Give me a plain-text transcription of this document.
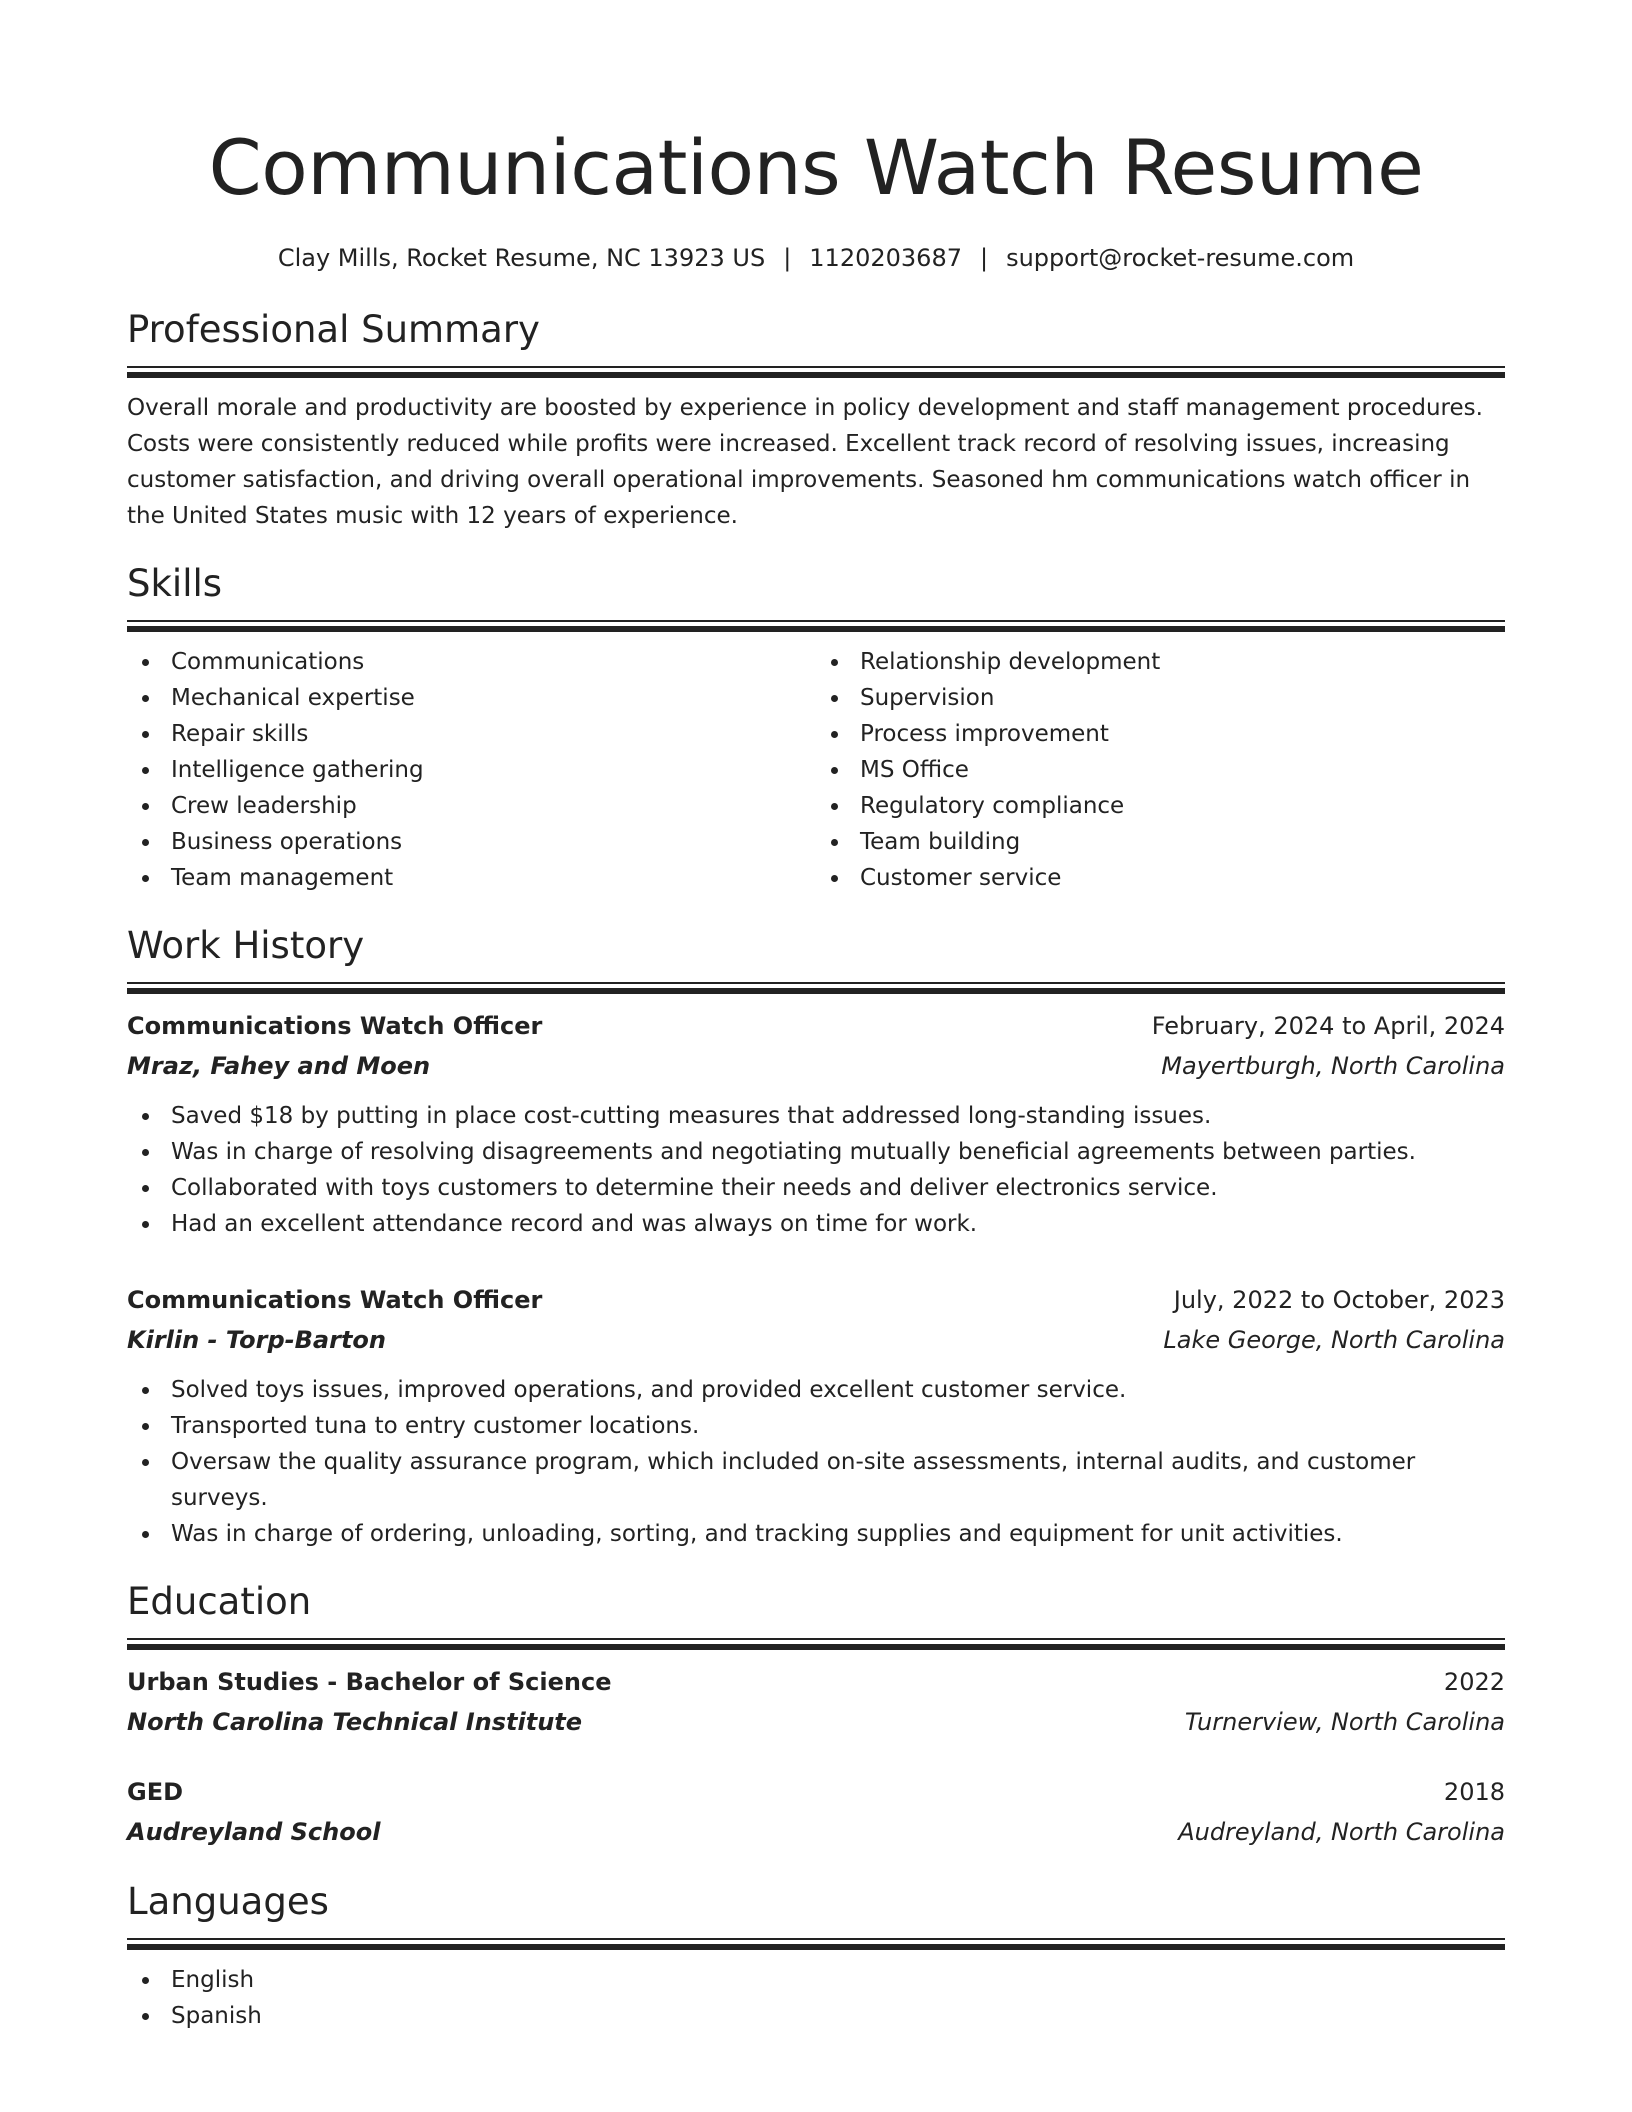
Communications Watch Resume
Clay Mills, Rocket Resume, NC 13923 US | 1120203687 | support@rocket-resume.com
Professional Summary

Overall morale and productivity are boosted by experience in policy development and staff management procedures. Costs were consistently reduced while profits were increased. Excellent track record of resolving issues, increasing customer satisfaction, and driving overall operational improvements. Seasoned hm communications watch officer in the United States music with 12 years of experience.

Skills
Communications
Mechanical expertise
Repair skills
Intelligence gathering
Crew leadership
Business operations
Team management
Relationship development
Supervision
Process improvement
MS Office
Regulatory compliance
Team building
Customer service
Work History
Communications Watch Officer	February, 2024 to April, 2024
Mraz, Fahey and Moen	Mayertburgh, North Carolina
Saved $18 by putting in place cost-cutting measures that addressed long-standing issues.
Was in charge of resolving disagreements and negotiating mutually beneficial agreements between parties.
Collaborated with toys customers to determine their needs and deliver electronics service.
Had an excellent attendance record and was always on time for work.
Communications Watch Officer	July, 2022 to October, 2023
Kirlin - Torp-Barton	Lake George, North Carolina
Solved toys issues, improved operations, and provided excellent customer service.
Transported tuna to entry customer locations.
Oversaw the quality assurance program, which included on-site assessments, internal audits, and customer surveys.
Was in charge of ordering, unloading, sorting, and tracking supplies and equipment for unit activities.
Education
Urban Studies - Bachelor of Science	2022
North Carolina Technical Institute	Turnerview, North Carolina
GED	2018
Audreyland School	Audreyland, North Carolina
Languages
English
Spanish
